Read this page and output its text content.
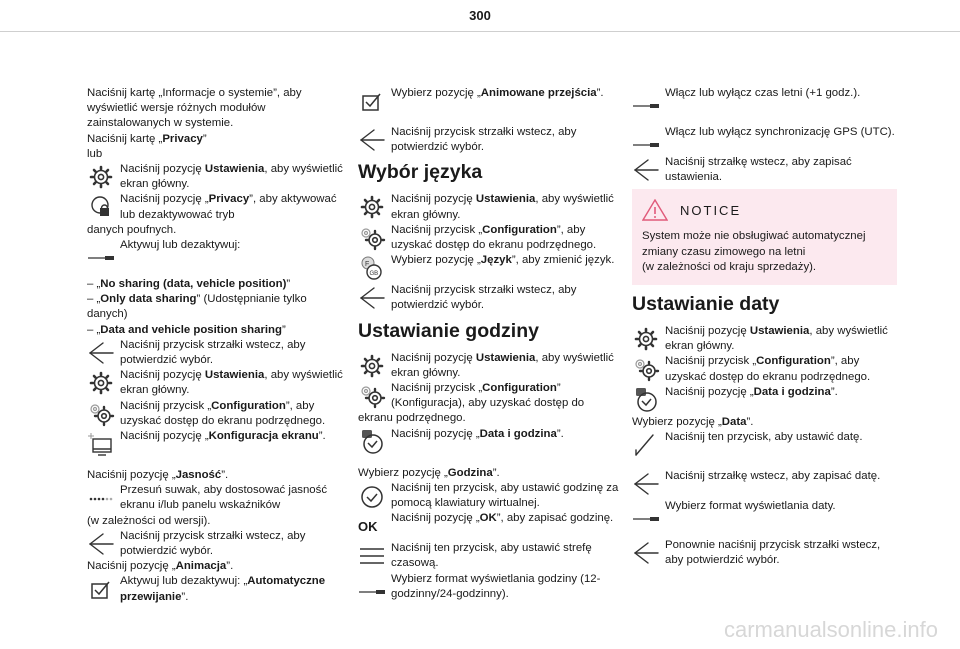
300

Naciśnij kartę „Informacje o systemie”, aby wyświetlić wersje różnych modułów zainstalowanych w systemie.

Naciśnij kartę „Privacy”

lub

Naciśnij pozycję Ustawienia, aby wyświetlić ekran główny.
Naciśnij pozycję „Privacy”, aby aktywować lub dezaktywować tryb

danych poufnych.

Aktywuj lub dezaktywuj:

– „No sharing (data, vehicle position)”

– „Only data sharing” (Udostępnianie tylko danych)

– „Data and vehicle position sharing”

Naciśnij przycisk strzałki wstecz, aby potwierdzić wybór.
Naciśnij pozycję Ustawienia, aby wyświetlić ekran główny.
Naciśnij przycisk „Configuration”, aby uzyskać dostęp do ekranu podrzędnego.
Naciśnij pozycję „Konfiguracja ekranu”.

Naciśnij pozycję „Jasność”.

Przesuń suwak, aby dostosować jasność ekranu i/lub panelu wskaźników

(w zależności od wersji).

Naciśnij przycisk strzałki wstecz, aby potwierdzić wybór.

Naciśnij pozycję „Animacja”.

Aktywuj lub dezaktywuj: „Automatyczne przewijanie”.
Wybierz pozycję „Animowane przejścia”.
Naciśnij przycisk strzałki wstecz, aby potwierdzić wybór.
Wybór języka
Naciśnij pozycję Ustawienia, aby wyświetlić ekran główny.
Naciśnij przycisk „Configuration”, aby uzyskać dostęp do ekranu podrzędnego.
Wybierz pozycję „Język”, aby zmienić język.
Naciśnij przycisk strzałki wstecz, aby potwierdzić wybór.
Ustawianie godziny
Naciśnij pozycję Ustawienia, aby wyświetlić ekran główny.
Naciśnij przycisk „Configuration” (Konfiguracja), aby uzyskać dostęp do

ekranu podrzędnego.

Naciśnij pozycję „Data i godzina”.

Wybierz pozycję „Godzina”.

Naciśnij ten przycisk, aby ustawić godzinę za pomocą klawiatury wirtualnej.
OK
Naciśnij pozycję „OK”, aby zapisać godzinę.
Naciśnij ten przycisk, aby ustawić strefę czasową.
Wybierz format wyświetlania godziny (12-godzinny/24-godzinny).
Włącz lub wyłącz czas letni (+1 godz.).
Włącz lub wyłącz synchronizację GPS (UTC).
Naciśnij strzałkę wstecz, aby zapisać ustawienia.
NOTICE
System może nie obsługiwać automatycznej zmiany czasu zimowego na letni
(w zależności od kraju sprzedaży).
Ustawianie daty
Naciśnij pozycję Ustawienia, aby wyświetlić ekran główny.
Naciśnij przycisk „Configuration”, aby uzyskać dostęp do ekranu podrzędnego.
Naciśnij pozycję „Data i godzina”.

Wybierz pozycję „Data”.

Naciśnij ten przycisk, aby ustawić datę.
Naciśnij strzałkę wstecz, aby zapisać datę.
Wybierz format wyświetlania daty.
Ponownie naciśnij przycisk strzałki wstecz, aby potwierdzić wybór.
carmanualsonline.info
